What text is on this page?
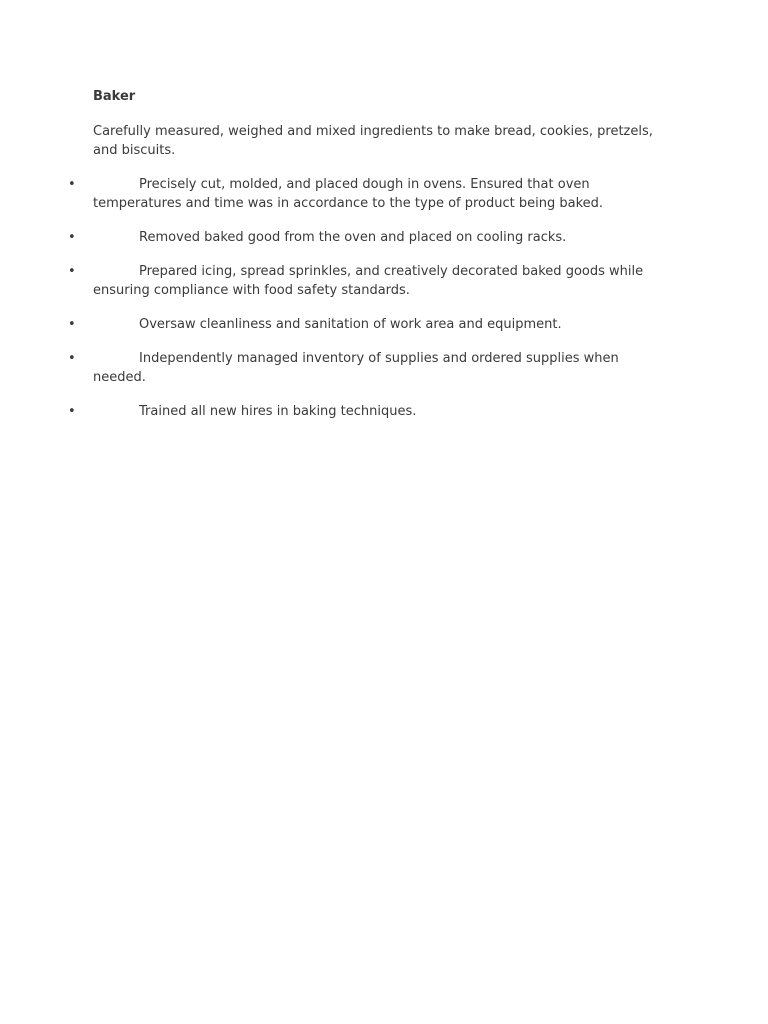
Baker
Carefully measured, weighed and mixed ingredients to make bread, cookies, pretzels, and biscuits.
•	Precisely cut, molded, and placed dough in ovens. Ensured that oven temperatures and time was in accordance to the type of product being baked.
•	Removed baked good from the oven and placed on cooling racks.
•	Prepared icing, spread sprinkles, and creatively decorated baked goods while ensuring compliance with food safety standards.
•	Oversaw cleanliness and sanitation of work area and equipment.
•	Independently managed inventory of supplies and ordered supplies when needed.
•	Trained all new hires in baking techniques.
